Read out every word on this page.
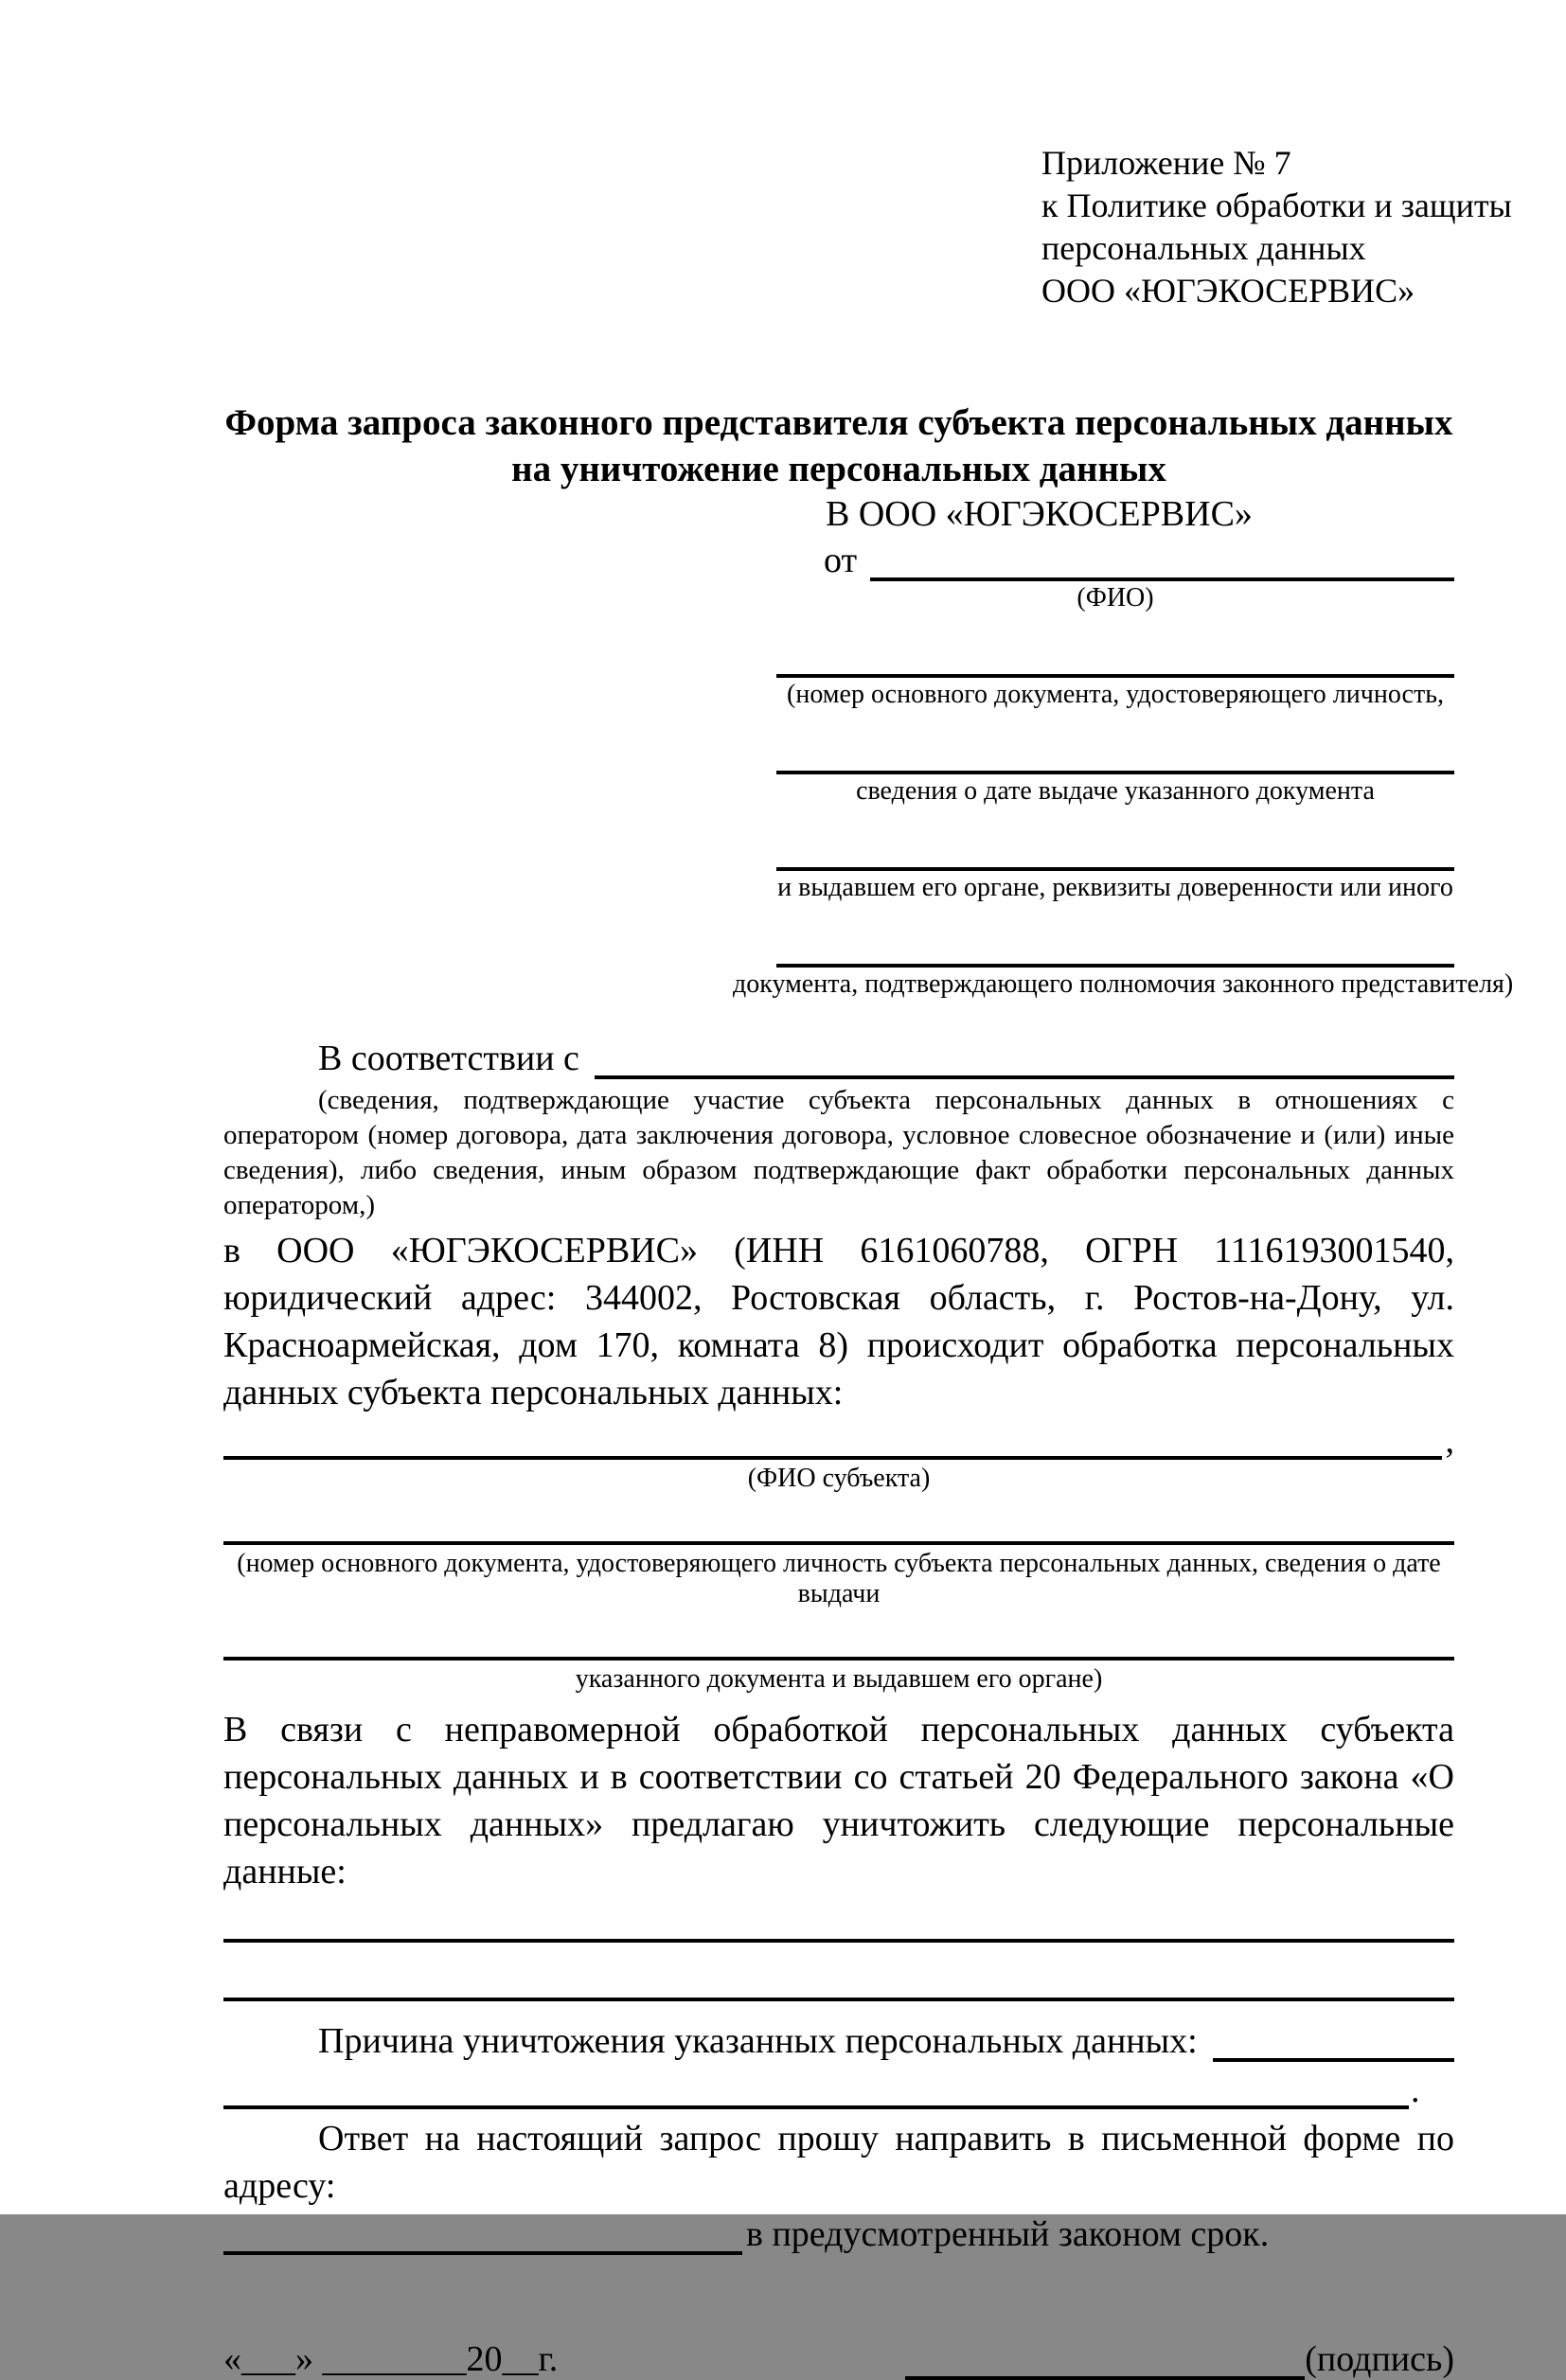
Приложение № 7
к Политике обработки и защиты
персональных данных
ООО «ЮГЭКОСЕРВИС»
Форма запроса законного представителя субъекта персональных данных
на уничтожение персональных данных
В ООО «ЮГЭКОСЕРВИС»
от
(ФИО)
(номер основного документа, удостоверяющего личность,
сведения о дате выдаче указанного документа
и выдавшем его органе, реквизиты доверенности или иного
документа, подтверждающего полномочия законного представителя)
В соответствии с
(сведения, подтверждающие участие субъекта персональных данных в отношениях с оператором (номер договора, дата заключения договора, условное словесное обозначение и (или) иные сведения), либо сведения, иным образом подтверждающие факт обработки персональных данных оператором,)
в ООО «ЮГЭКОСЕРВИС» (ИНН 6161060788, ОГРН 1116193001540, юридический адрес: 344002, Ростовская область, г. Ростов-на-Дону, ул. Красноармейская, дом 170, комната 8) происходит обработка персональных данных субъекта персональных данных:
,
(ФИО субъекта)
(номер основного документа, удостоверяющего личность субъекта персональных данных, сведения о дате выдачи
указанного документа и выдавшем его органе)
В связи с неправомерной обработкой персональных данных субъекта персональных данных и в соответствии со статьей 20 Федерального закона «О персональных данных» предлагаю уничтожить следующие персональные данные:
Причина уничтожения указанных персональных данных:
.
Ответ на настоящий запрос прошу направить в письменной форме по адресу:
в предусмотренный законом срок.
«___» ________20__г.	(подпись)
